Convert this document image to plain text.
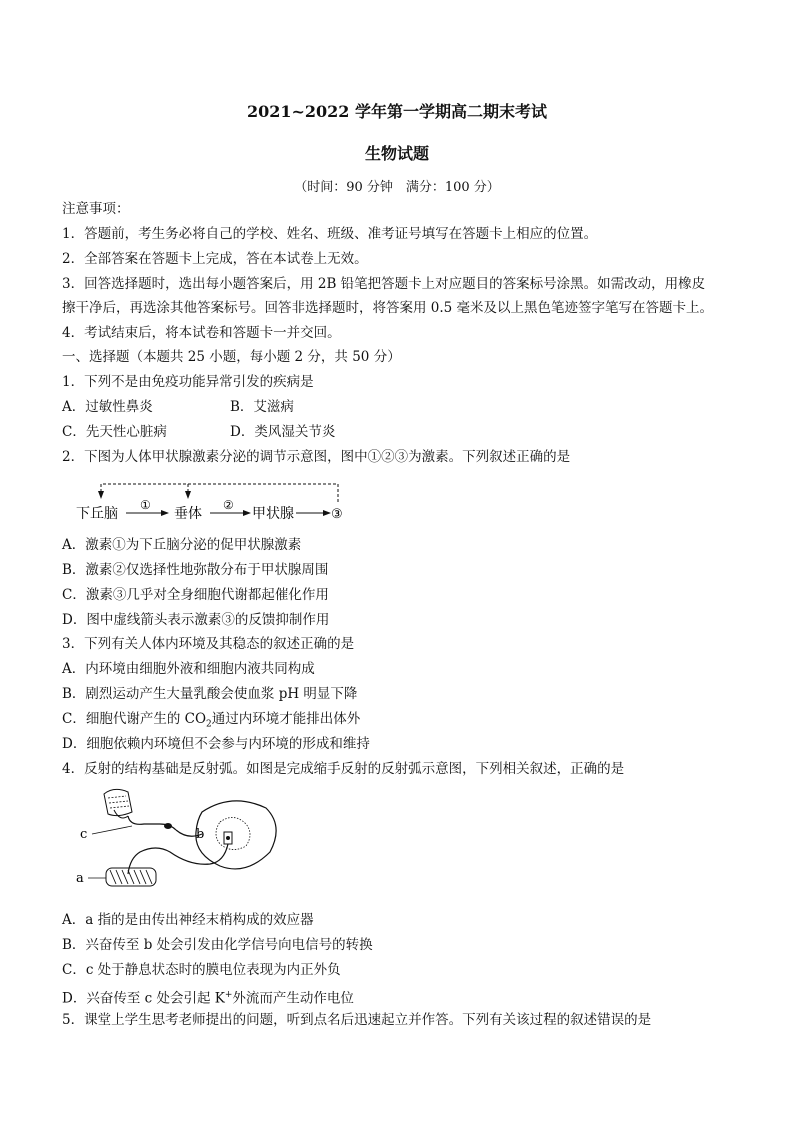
2021~2022 学年第一学期高二期末考试
生物试题
（时间：90 分钟　满分：100 分）
注意事项：
1．答题前，考生务必将自己的学校、姓名、班级、准考证号填写在答题卡上相应的位置。
2．全部答案在答题卡上完成，答在本试卷上无效。
3．回答选择题时，选出每小题答案后，用 2B 铅笔把答题卡上对应题目的答案标号涂黑。如需改动，用橡皮
擦干净后，再选涂其他答案标号。回答非选择题时，将答案用 0.5 毫米及以上黑色笔迹签字笔写在答题卡上。
4．考试结束后，将本试卷和答题卡一并交回。
一、选择题（本题共 25 小题，每小题 2 分，共 50 分）
1．下列不是由免疫功能异常引发的疾病是
A．过敏性鼻炎	B．艾滋病
C．先天性心脏病	D．类风湿关节炎
2．下图为人体甲状腺激素分泌的调节示意图，图中①②③为激素。下列叙述正确的是
下丘脑
①
垂体
②
甲状腺	③
A．激素①为下丘脑分泌的促甲状腺激素
B．激素②仅选择性地弥散分布于甲状腺周围
C．激素③几乎对全身细胞代谢都起催化作用
D．图中虚线箭头表示激素③的反馈抑制作用
3．下列有关人体内环境及其稳态的叙述正确的是
A．内环境由细胞外液和细胞内液共同构成
B．剧烈运动产生大量乳酸会使血浆 pH 明显下降
C．细胞代谢产生的 $CO_2$通过内环境才能排出体外
D．细胞依赖内环境但不会参与内环境的形成和维持
4．反射的结构基础是反射弧。如图是完成缩手反射的反射弧示意图，下列相关叙述，正确的是
c	b
a
A．a 指的是由传出神经末梢构成的效应器
B．兴奋传至 b 处会引发由化学信号向电信号的转换
C．c 处于静息状态时的膜电位表现为内正外负
D．兴奋传至 c 处会引起 K+外流而产生动作电位
5．课堂上学生思考老师提出的问题，听到点名后迅速起立并作答。下列有关该过程的叙述错误的是
